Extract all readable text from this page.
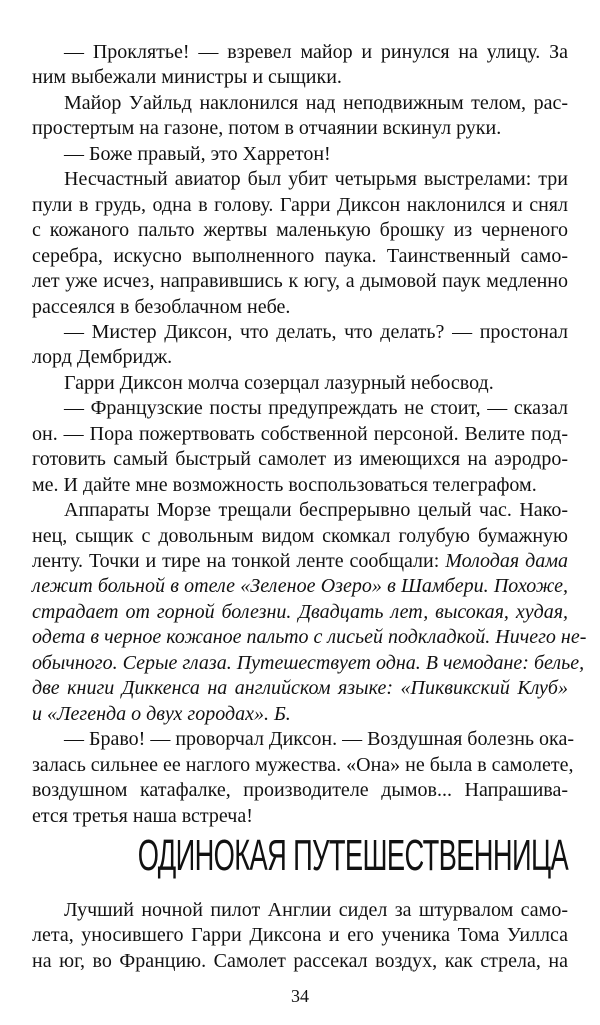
— Проклятье! — взревел майор и ринулся на улицу. За
ним выбежали министры и сыщики.
Майор Уайльд наклонился над неподвижным телом, рас-
простертым на газоне, потом в отчаянии вскинул руки.
— Боже правый, это Харретон!
Несчастный авиатор был убит четырьмя выстрелами: три
пули в грудь, одна в голову. Гарри Диксон наклонился и снял
с кожаного пальто жертвы маленькую брошку из черненого
серебра, искусно выполненного паука. Таинственный само-
лет уже исчез, направившись к югу, а дымовой паук медленно
рассеялся в безоблачном небе.
— Мистер Диксон, что делать, что делать? — простонал
лорд Дембридж.
Гарри Диксон молча созерцал лазурный небосвод.
— Французские посты предупреждать не стоит, — сказал
он. — Пора пожертвовать собственной персоной. Велите под-
готовить самый быстрый самолет из имеющихся на аэродро-
ме. И дайте мне возможность воспользоваться телеграфом.
Аппараты Морзе трещали беспрерывно целый час. Нако-
нец, сыщик с довольным видом скомкал голубую бумажную
ленту. Точки и тире на тонкой ленте сообщали: Молодая дама
лежит больной в отеле «Зеленое Озеро» в Шамбери. Похоже,
страдает от горной болезни. Двадцать лет, высокая, худая,
одета в черное кожаное пальто с лисьей подкладкой. Ничего не-
обычного. Серые глаза. Путешествует одна. В чемодане: белье,
две книги Диккенса на английском языке: «Пиквикский Клуб»
и «Легенда о двух городах». Б.
— Браво! — проворчал Диксон. — Воздушная болезнь ока-
залась сильнее ее наглого мужества. «Она» не была в самолете,
воздушном катафалке, производителе дымов... Напрашива-
ется третья наша встреча!
ОДИНОКАЯ ПУТЕШЕСТВЕННИЦА
Лучший ночной пилот Англии сидел за штурвалом само-
лета, уносившего Гарри Диксона и его ученика Тома Уиллса
на юг, во Францию. Самолет рассекал воздух, как стрела, на
34
